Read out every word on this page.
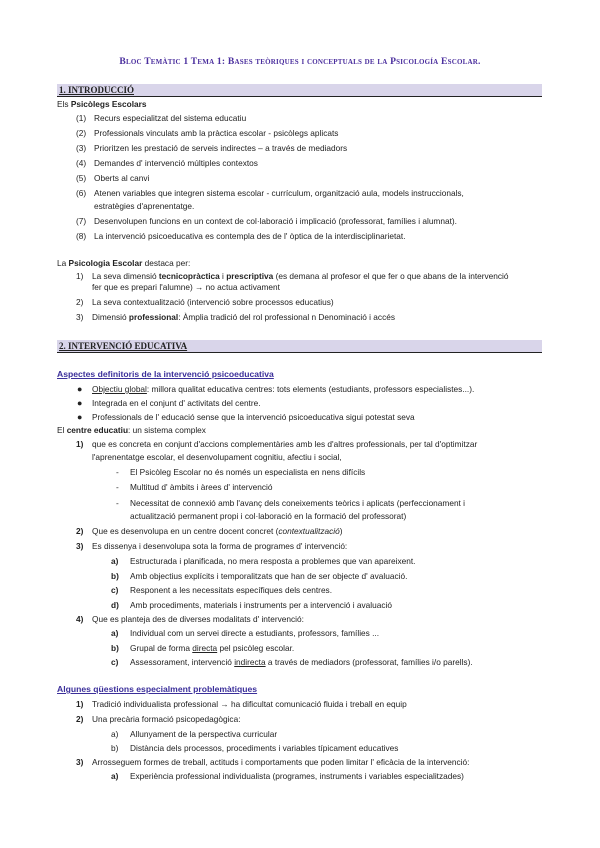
Bloc Temàtic 1 Tema 1: Bases teòriques i conceptuals de la Psicología Escolar.
1. INTRODUCCIÓ
Els Psicòlegs Escolars
(1) Recurs especialitzat del sistema educatiu
(2) Professionals vinculats amb la pràctica escolar - psicòlegs aplicats
(3) Prioritzen les prestació de serveis indirectes – a través de mediadors
(4) Demandes d' intervenció múltiples contextos
(5) Oberts al canvi
(6) Atenen variables que integren sistema escolar - currículum, organització aula, models instruccionals,
estratègies d'aprenentatge.
(7) Desenvolupen funcions en un context de col·laboració i implicació (professorat, famílies i alumnat).
(8) La intervenció psicoeducativa es contempla des de l' òptica de la interdisciplinarietat.
La Psicologia Escolar destaca per:
1) La seva dimensió tecnicopràctica i prescriptiva (es demana al profesor el que fer o que abans de la intervenció
fer que es prepari l'alumne) → no actua activament
2) La seva contextualització (intervenció sobre processos educatius)
3) Dimensió professional: Àmplia tradició del rol professional n Denominació i accés
2. INTERVENCIÓ EDUCATIVA
Aspectes definitoris de la intervenció psicoeducativa
● Objectiu global: millora qualitat educativa centres: tots elements (estudiants, professors especialistes...).
● Integrada en el conjunt d' activitats del centre.
● Professionals de l' educació sense que la intervenció psicoeducativa sigui potestat seva
El centre educatiu: un sistema complex
1) que es concreta en conjunt d'accions complementàries amb les d'altres professionals, per tal d'optimitzar
l'aprenentatge escolar, el desenvolupament cognitiu, afectiu i social,
- El Psicòleg Escolar no és només un especialista en nens difícils
- Multitud d' àmbits i àrees d' intervenció
- Necessitat de connexió amb l'avanç dels coneixements teòrics i aplicats (perfeccionament i
actualització permanent propi i col·laboració en la formació del professorat)
2) Que es desenvolupa en un centre docent concret (contextualització)
3) Es dissenya i desenvolupa sota la forma de programes d' intervenció:
a) Estructurada i planificada, no mera resposta a problemes que van apareixent.
b) Amb objectius explícits i temporalitzats que han de ser objecte d' avaluació.
c) Responent a les necessitats específiques dels centres.
d) Amb procediments, materials i instruments per a intervenció i avaluació
4) Que es planteja des de diverses modalitats d' intervenció:
a) Individual com un servei directe a estudiants, professors, famílies ...
b) Grupal de forma directa pel psicòleg escolar.
c) Assessorament, intervenció indirecta a través de mediadors (professorat, famílies i/o parells).
Algunes qüestions especialment problemàtiques
1) Tradició individualista professional → ha dificultat comunicació fluida i treball en equip
2) Una precària formació psicopedagògica:
a) Allunyament de la perspectiva curricular
b) Distància dels processos, procediments i variables típicament educatives
3) Arrosseguem formes de treball, actituds i comportaments que poden limitar l' eficàcia de la intervenció:
a) Experiència professional individualista (programes, instruments i variables especialitzades)
